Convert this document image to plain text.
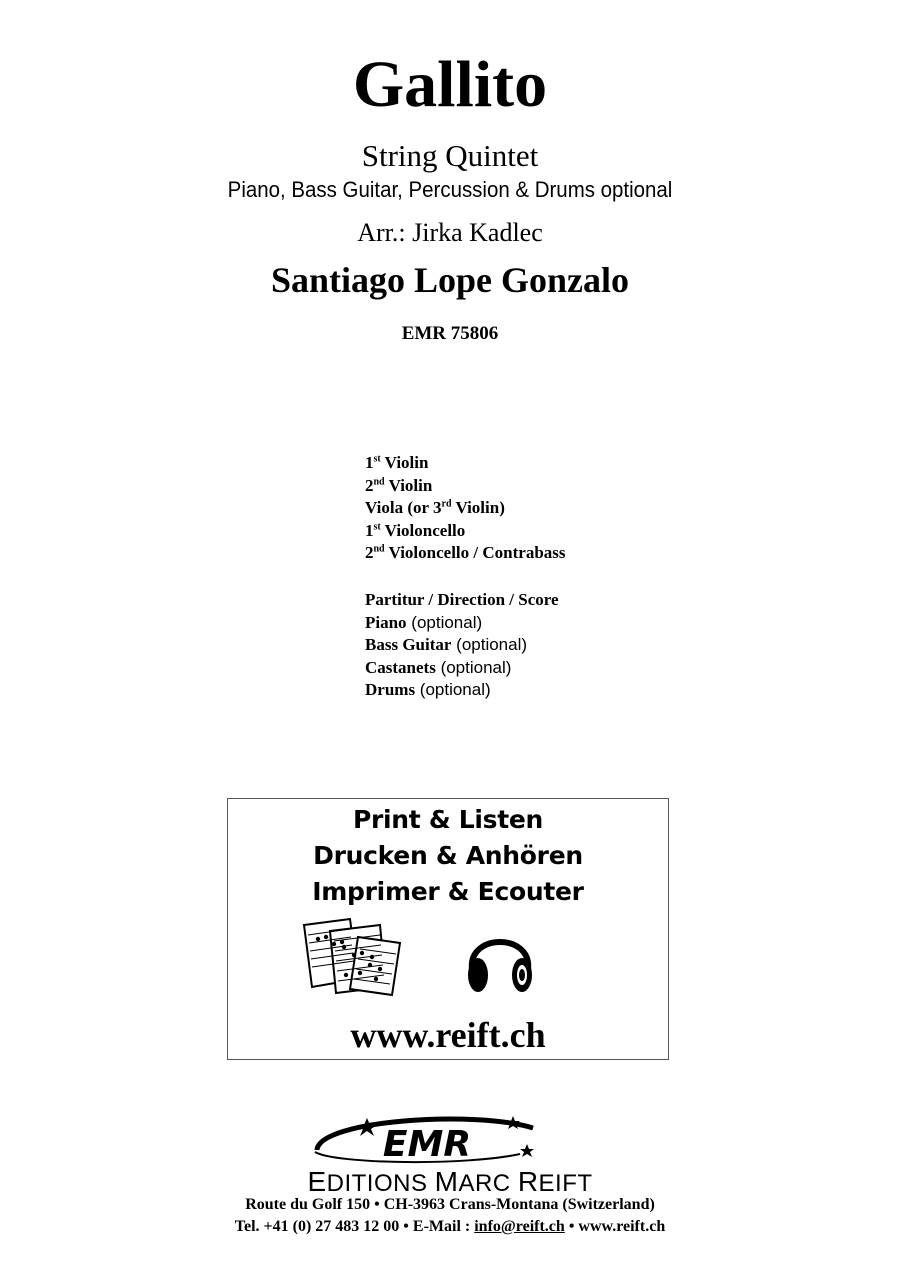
Gallito
String Quintet
Piano, Bass Guitar, Percussion & Drums optional
Arr.: Jirka Kadlec
Santiago Lope Gonzalo
EMR 75806
1st Violin
2nd Violin
Viola (or 3rd Violin)
1st Violoncello
2nd Violoncello / Contrabass
Partitur / Direction / Score
Piano (optional)
Bass Guitar (optional)
Castanets (optional)
Drums (optional)
Print & Listen
Drucken & Anhören
Imprimer & Ecouter
www.reift.ch
EMR
EDITIONS MARC REIFT
Route du Golf 150 • CH-3963 Crans-Montana (Switzerland)
Tel. +41 (0) 27 483 12 00 • E-Mail : info@reift.ch • www.reift.ch
